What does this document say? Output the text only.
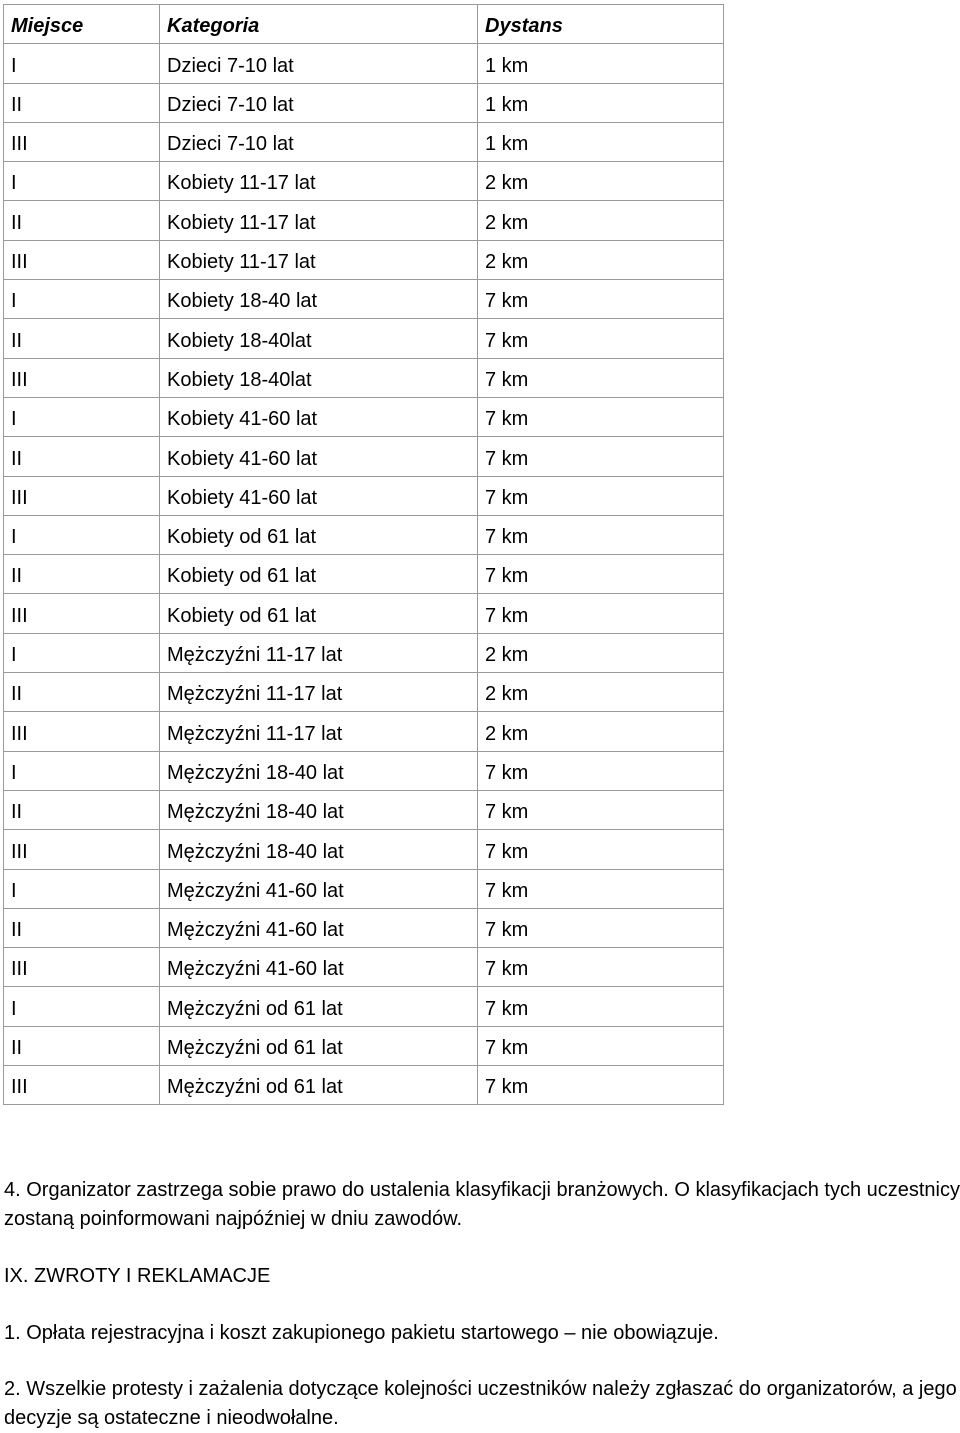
Miejsce	Kategoria	Dystans
I	Dzieci 7-10 lat	1 km
II	Dzieci 7-10 lat	1 km
III	Dzieci 7-10 lat	1 km
I	Kobiety 11-17 lat	2 km
II	Kobiety 11-17 lat	2 km
III	Kobiety 11-17 lat	2 km
I	Kobiety 18-40 lat	7 km
II	Kobiety 18-40lat	7 km
III	Kobiety 18-40lat	7 km
I	Kobiety 41-60 lat	7 km
II	Kobiety 41-60 lat	7 km
III	Kobiety 41-60 lat	7 km
I	Kobiety od 61 lat	7 km
II	Kobiety od 61 lat	7 km
III	Kobiety od 61 lat	7 km
I	Mężczyźni 11-17 lat	2 km
II	Mężczyźni 11-17 lat	2 km
III	Mężczyźni 11-17 lat	2 km
I	Mężczyźni 18-40 lat	7 km
II	Mężczyźni 18-40 lat	7 km
III	Mężczyźni 18-40 lat	7 km
I	Mężczyźni 41-60 lat	7 km
II	Mężczyźni 41-60 lat	7 km
III	Mężczyźni 41-60 lat	7 km
I	Mężczyźni od 61 lat	7 km
II	Mężczyźni od 61 lat	7 km
III	Mężczyźni od 61 lat	7 km

4. Organizator zastrzega sobie prawo do ustalenia klasyfikacji branżowych. O klasyfikacjach tych uczestnicy zostaną poinformowani najpóźniej w dniu zawodów.

IX. ZWROTY I REKLAMACJE

1. Opłata rejestracyjna i koszt zakupionego pakietu startowego – nie obowiązuje.

2. Wszelkie protesty i zażalenia dotyczące kolejności uczestników należy zgłaszać do organizatorów, a jego decyzje są ostateczne i nieodwołalne.
